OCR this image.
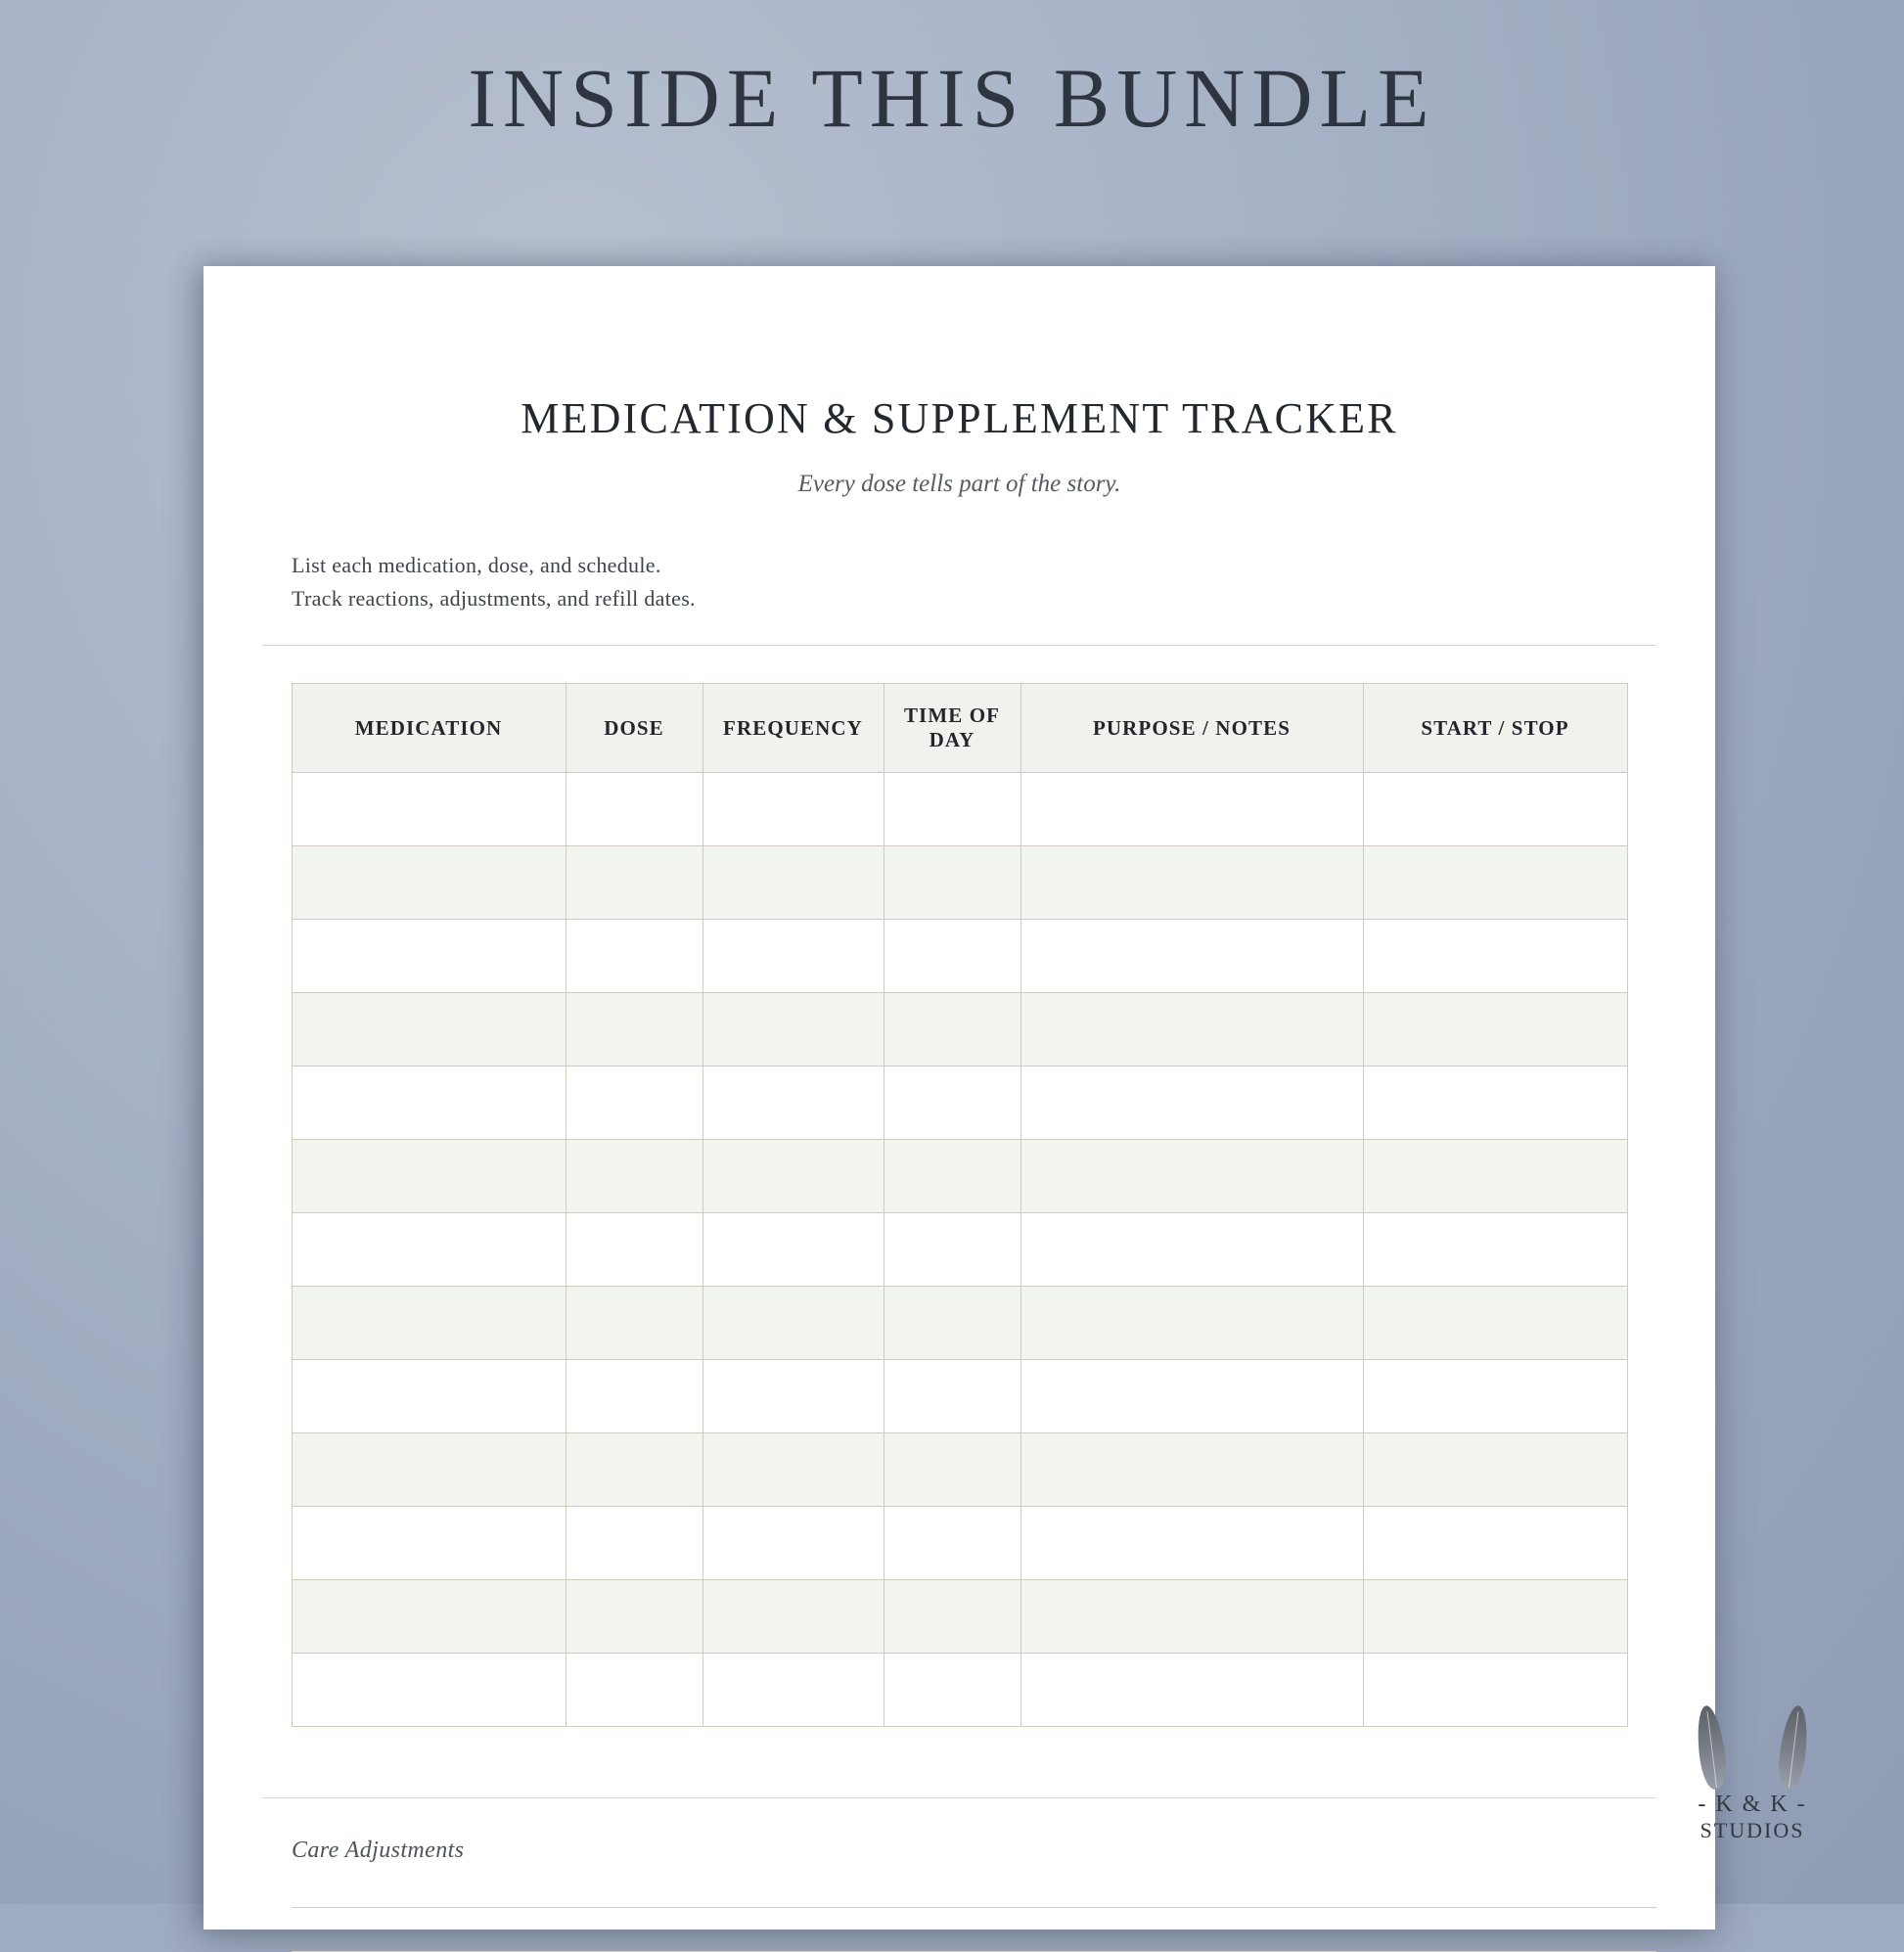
INSIDE THIS BUNDLE
MEDICATION & SUPPLEMENT TRACKER
Every dose tells part of the story.
List each medication, dose, and schedule.
Track reactions, adjustments, and refill dates.
MEDICATION	DOSE	FREQUENCY	TIME OF DAY	PURPOSE / NOTES	START / STOP

Care Adjustments
- K & K -
STUDIOS
